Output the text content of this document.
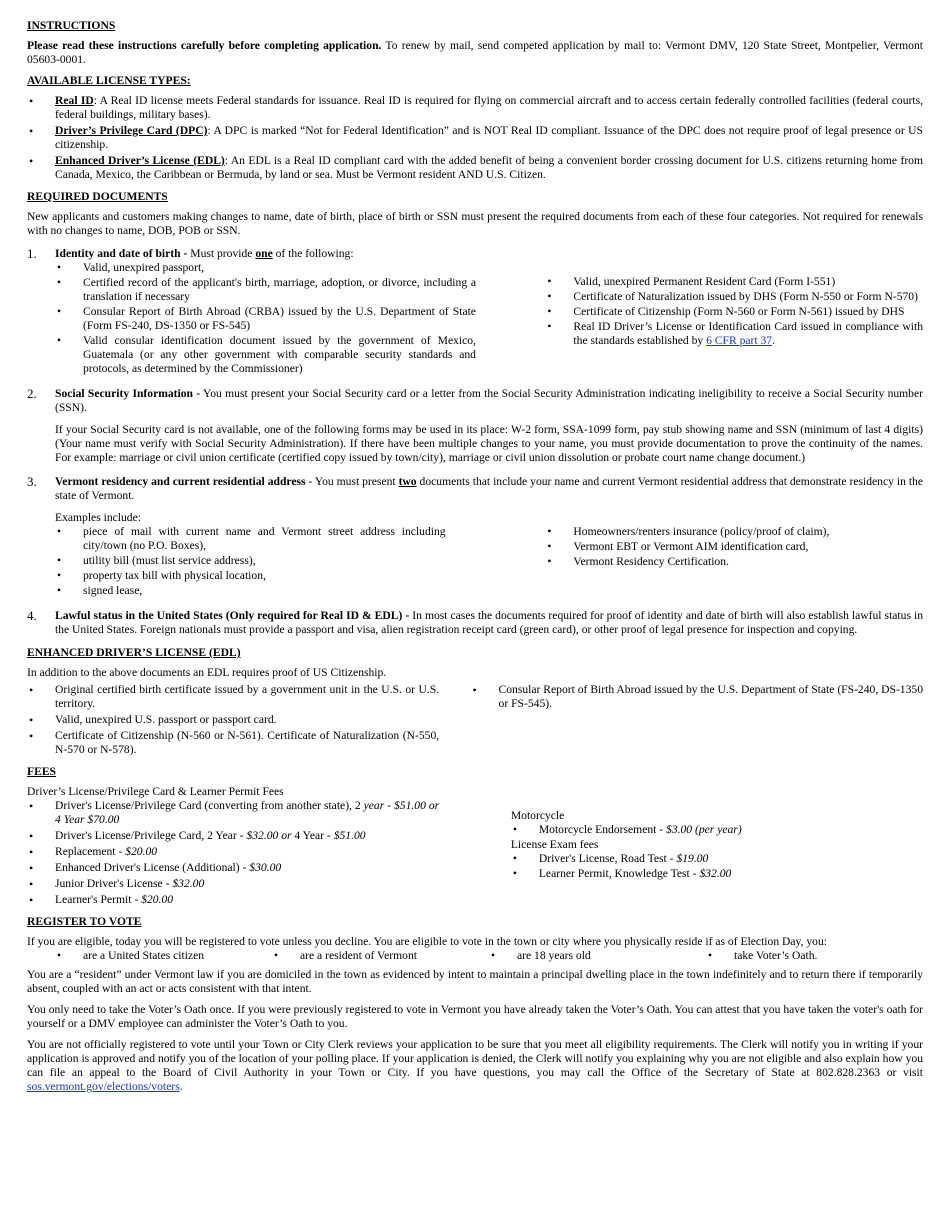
INSTRUCTIONS

Please read these instructions carefully before completing application. To renew by mail, send competed application by mail to: Vermont DMV, 120 State Street, Montpelier, Vermont 05603-0001.

AVAILABLE LICENSE TYPES:
• Real ID: A Real ID license meets Federal standards for issuance. Real ID is required for flying on commercial aircraft and to access certain federally controlled facilities (federal courts, federal buildings, military bases).
• Driver’s Privilege Card (DPC): A DPC is marked “Not for Federal Identification” and is NOT Real ID compliant. Issuance of the DPC does not require proof of legal presence or US citizenship.
• Enhanced Driver’s License (EDL): An EDL is a Real ID compliant card with the added benefit of being a convenient border crossing document for U.S. citizens returning home from Canada, Mexico, the Caribbean or Bermuda, by land or sea. Must be Vermont resident AND U.S. Citizen.
REQUIRED DOCUMENTS

New applicants and customers making changes to name, date of birth, place of birth or SSN must present the required documents from each of these four categories. Not required for renewals with no changes to name, DOB, POB or SSN.

1. Identity and date of birth - Must provide one of the following:
• Valid, unexpired passport,
• Certified record of the applicant's birth, marriage, adoption, or divorce, including a translation if necessary
• Consular Report of Birth Abroad (CRBA) issued by the U.S. Department of State (Form FS-240, DS-1350 or FS-545)
• Valid consular identification document issued by the government of Mexico, Guatemala (or any other government with comparable security standards and protocols, as determined by the Commissioner)
• Valid, unexpired Permanent Resident Card (Form I-551)
• Certificate of Naturalization issued by DHS (Form N-550 or Form N-570)
• Certificate of Citizenship (Form N-560 or Form N-561) issued by DHS
• Real ID Driver’s License or Identification Card issued in compliance with the standards established by 6 CFR part 37.
2. Social Security Information - You must present your Social Security card or a letter from the Social Security Administration indicating ineligibility to receive a Social Security number (SSN).

If your Social Security card is not available, one of the following forms may be used in its place: W-2 form, SSA-1099 form, pay stub showing name and SSN (minimum of last 4 digits) (Your name must verify with Social Security Administration). If there have been multiple changes to your name, you must provide documentation to prove the continuity of the names. For example: marriage or civil union certificate (certified copy issued by town/city), marriage or civil union dissolution or probate court name change document.)

3. Vermont residency and current residential address - You must present two documents that include your name and current Vermont residential address that demonstrate residency in the state of Vermont.

Examples include:
• piece of mail with current name and Vermont street address including city/town (no P.O. Boxes),
• utility bill (must list service address),
• property tax bill with physical location,
• signed lease,
• Homeowners/renters insurance (policy/proof of claim),
• Vermont EBT or Vermont AIM identification card,
• Vermont Residency Certification.
4. Lawful status in the United States (Only required for Real ID & EDL) - In most cases the documents required for proof of identity and date of birth will also establish lawful status in the United States. Foreign nationals must provide a passport and visa, alien registration receipt card (green card), or other proof of legal presence for inspection and copying.

ENHANCED DRIVER’S LICENSE (EDL)
In addition to the above documents an EDL requires proof of US Citizenship.
• Original certified birth certificate issued by a government unit in the U.S. or U.S. territory.
• Valid, unexpired U.S. passport or passport card.
• Certificate of Citizenship (N-560 or N-561). Certificate of Naturalization (N-550, N-570 or N-578).
• Consular Report of Birth Abroad issued by the U.S. Department of State (FS-240, DS-1350 or FS-545).
FEES
Driver’s License/Privilege Card & Learner Permit Fees
• Driver's License/Privilege Card (converting from another state), 2 year - $51.00 or 4 Year $70.00
• Driver's License/Privilege Card, 2 Year - $32.00 or 4 Year - $51.00
• Replacement - $20.00
• Enhanced Driver's License (Additional) - $30.00
• Junior Driver's License - $32.00
• Learner's Permit - $20.00
Motorcycle
• Motorcycle Endorsement - $3.00 (per year)
License Exam fees
• Driver's License, Road Test - $19.00
• Learner Permit, Knowledge Test - $32.00
REGISTER TO VOTE
If you are eligible, today you will be registered to vote unless you decline. You are eligible to vote in the town or city where you physically reside if as of Election Day, you:
• are a United States citizen	• are a resident of Vermont	• are 18 years old	• take Voter’s Oath.

You are a “resident” under Vermont law if you are domiciled in the town as evidenced by intent to maintain a principal dwelling place in the town indefinitely and to return there if temporarily absent, coupled with an act or acts consistent with that intent.

You only need to take the Voter’s Oath once. If you were previously registered to vote in Vermont you have already taken the Voter’s Oath. You can attest that you have taken the voter's oath for yourself or a DMV employee can administer the Voter’s Oath to you.

You are not officially registered to vote until your Town or City Clerk reviews your application to be sure that you meet all eligibility requirements. The Clerk will notify you in writing if your application is approved and notify you of the location of your polling place. If your application is denied, the Clerk will notify you explaining why you are not eligible and also explain how you can file an appeal to the Board of Civil Authority in your Town or City. If you have questions, you may call the Office of the Secretary of State at 802.828.2363 or visit sos.vermont.gov/elections/voters.
